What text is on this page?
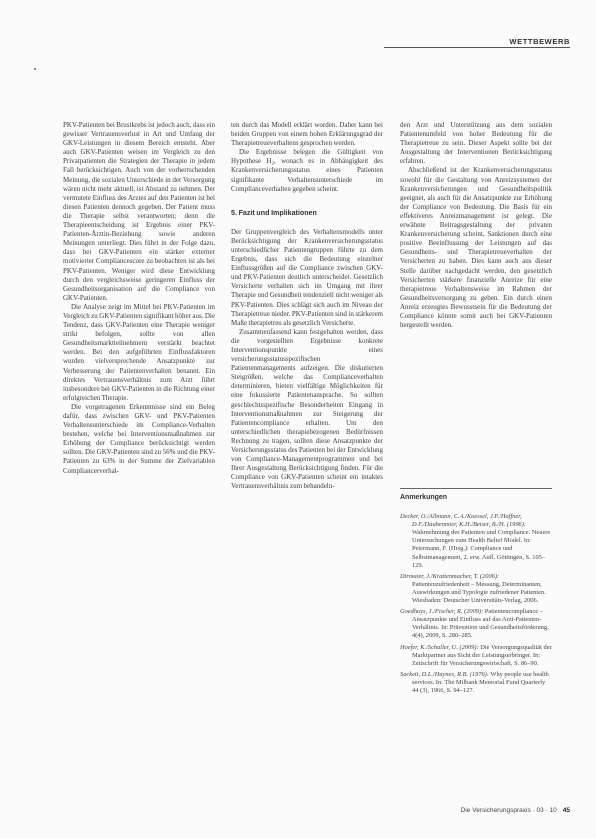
WETTBEWERB

PKV-Patienten bei Brustkrebs ist jedoch auch, dass ein gewisser Vertrauensverlust in Art und Umfang der GKV-Leistungen in diesem Bereich entsteht. Aber auch GKV-Patienten weisen im Vergleich zu den Privatpatienten die Strategien der Therapie in jedem Fall berücksichtigen. Auch von der vorherrschenden Meinung, die sozialen Unterschiede in der Versorgung wären nicht mehr aktuell, ist Abstand zu nehmen. Der vermutete Einfluss des Arztes auf den Patienten ist bei diesen Patienten dennoch gegeben. Der Patient muss die Therapie selbst verantworten; denn die Therapieentscheidung ist Ergebnis einer PKV-Patienten-Ärztin-Beziehung sowie anderen Meinungen unterliegt. Dies führt in der Folge dazu, dass bei GKV-Patienten ein stärker externer motivierter Compliancescore zu beobachten ist als bei PKV-Patienten. Weniger wird diese Entwicklung durch den vergleichsweise geringeren Einfluss der Gesundheitsorganisation auf die Compliance von GKV-Patienten.

Die Analyse zeigt im Mittel bei PKV-Patienten im Vergleich zu GKV-Patienten signifikant höher aus. Die Tendenz, dass GKV-Patienten eine Therapie weniger strikt befolgen, sollte von allen Gesundheitsmarktteilnehmern verstärkt beachtet werden. Bei den aufgeführten Einflussfaktoren wurden vielversprechende Ansatzpunkte zur Verbesserung der Patientenverhalten benannt. Ein direktes Vertrauensverhältnis zum Arzt führt insbesondere bei GKV-Patienten in die Richtung einer erfolgreichen Therapie.

Die vorgetragenen Erkenntnisse sind ein Beleg dafür, dass zwischen GKV- und PKV-Patienten Verhaltensunterschiede im Compliance-Verhalten bestehen, welche bei Interventionsmaßnahmen zur Erhöhung der Compliance berücksichtigt werden sollten. Die GKV-Patienten sind zu 56% und die PKV-Patienten zu 63% in der Summe der Zielvariablen Compliancerverhal-

ten durch das Modell erklärt worden. Daher kann bei beiden Gruppen von einem hohen Erklärungsgrad der Therapietreueverhaltens gesprochen werden.

Die Ergebnisse belegen die Gültigkeit von Hypothese H₂, wonach es in Abhängigkeit des Krankenversicherungsstatus eines Patienten signifikante Verhaltensunterschiede im Complianceverhalten gegeben scheint.

5. Fazit und Implikationen

Der Gruppenvergleich des Verhaltensmodells unter Berücksichtigung der Krankenversicherungsstatus unterschiedlicher Patientengruppen führte zu dem Ergebnis, dass sich die Bedeutung einzelner Einflussgrößen auf die Compliance zwischen GKV- und PKV-Patienten deutlich unterscheidet. Gesetzlich Versicherte verhalten sich im Umgang mit ihrer Therapie und Gesundheit tendenziell nicht weniger als PKV-Patienten. Dies schlägt sich auch im Niveau der Therapietreue nieder. PKV-Patienten sind in stärkerem Maße therapietreu als gesetzlich Versicherte.

Zusammenfassend kann festgehalten werden, dass die vorgestellten Ergebnisse konkrete Interventionspunkte eines versicherungsstatusspezifischen Patientenmanagements aufzeigen. Die diskutierten Steigrößen, welche das Complianceverhalten determinieren, bieten vielfältige Möglichkeiten für eine fokussierte Patientenansprache. So sollten geschlechtsspezifische Besonderheiten Eingang in Interventionsmaßnahmen zur Steigerung der Patientencompliance erhalten. Um den unterschiedlichen therapiebezogenen Bedürfnissen Rechnung zu tragen, sollten diese Ansatzpunkte der Versicherungsstatus des Patienten bei der Entwicklung von Compliance-Managementprogrammen und bei Ihrer Ausgestaltung Berücksichtigung finden. Für die Compliance von GKV-Patienten scheint ein intaktes Vertrauensverhältnis zum behandeln-

den Arzt und Unterstützung aus dem sozialen Patientenumfeld von hoher Bedeutung für die Therapietreue zu sein. Dieser Aspekt sollte bei der Ausgestaltung der Interventionen Berücksichtigung erfahren.

Abschließend ist der Krankenversicherungsstatus sowohl für die Gestaltung von Anreizsystemen der Krankenversicherungen und Gesundheitspolitik geeignet, als auch für die Ansatzpunkte zur Erhöhung der Compliance von Bedeutung. Die Basis für ein effektiveres Anreizmanagement ist gelegt. Die erwähnte Beitragsgestaltung der privaten Krankenversicherung scheint, Sanktionen durch eine positive Beeinflussung der Leistungen auf das Gesundheits- und Therapietreueverhalten der Versicherten zu haben. Dies kann auch aus dieser Stelle darüber nachgedacht werden, den gesetzlich Versicherten stärkere finanzielle Anreize für eine therapietreue Verhaltensweise im Rahmen der Gesundheitsversorgung zu geben. Ein durch einen Anreiz erzeugtes Bewusstsein für die Bedeutung der Compliance könnte somit auch bei GKV-Patienten hergestellt werden.

Anmerkungen

Decker, O./Allmann, C.A./Kuessel, J.P./Haffner, D.F./Daubenmier, K.H./Beiser, B./H. (1996): Wahrnehmung des Patienten und Compliance. Neuere Untersuchungen zum Health Belief Model. In: Petermann, F. (Hrsg.): Compliance und Selbstmanagement, 2. erw. Aufl. Göttingen, S. 105–129.

Dirmaier, J./Krattenmacher, T. (2006): Patientenzufriedenheit – Messung, Determinanten, Auswirkungen und Typologie zufriedener Patienten. Wiesbaden: Deutscher Universitäts-Verlag, 2006.

Goedhuys, J./Fischer, R. (2009): Patientencompliance – Ansatzpunkte und Einfluss auf das Arzt-Patienten-Verhältnis. In: Prävention und Gesundheitsförderung, 4(4), 2009, S. 280–285.

Hoefer, K./Schaller, U. (2009): Die Versorgungsqualität der Marktpartner aus Sicht der Leistungserbringer. In: Zeitschrift für Versicherungswirtschaft, S. 86–90.

Sackett, D.L./Haynes, R.B. (1976): Why people use health services. In: The Milbank Memorial Fund Quarterly 44 (3), 1966, S. 94–127.

Die Versicherungspraxis · 03 · 10 45
